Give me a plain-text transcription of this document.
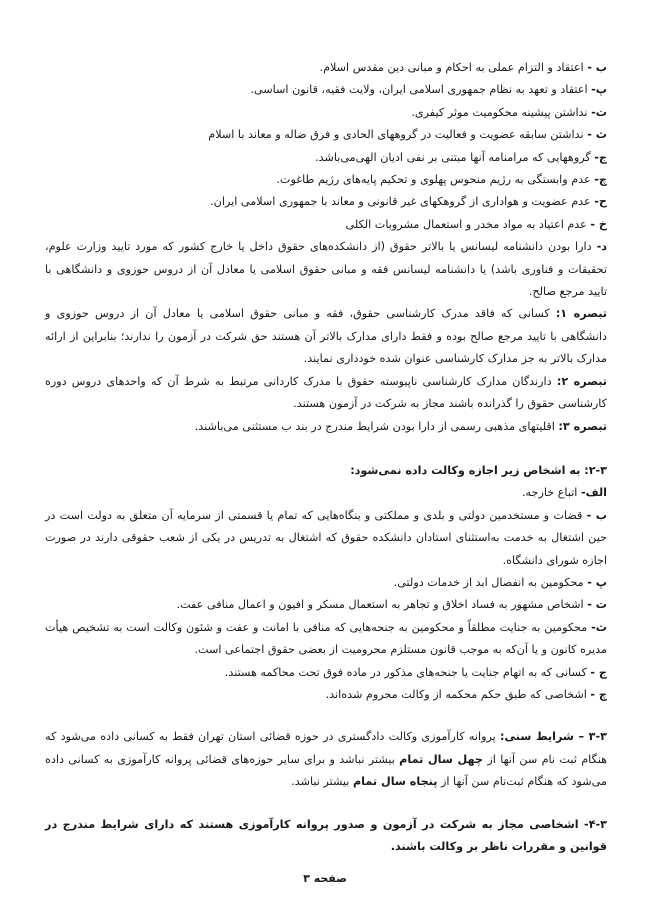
ب - اعتقاد و التزام عملی به احکام و مبانی دین مقدس اسلام.

پ- اعتقاد و تعهد به نظام جمهوری اسلامی ایران، ولایت فقیه، قانون اساسی.

ت- نداشتن پیشینه محکومیت موثر کیفری.

ث - نداشتن سابقه عضویت و فعالیت در گروههای الحادی و فرق ضاله و معاند با اسلام

ج- گروههایی که مرامنامه آنها مبتنی بر نفی ادیان الهی‌می‌باشد.

چ- عدم وابستگی به رژیم منحوس پهلوی و تحکیم پایه‌های رژیم طاغوت.

ح- عدم عضویت و هواداری از گروهکهای غیر قانونی و معاند با جمهوری اسلامی ایران.

خ - عدم اعتیاد به مواد مخدر و استعمال مشروبات الکلی

د- دارا بودن دانشنامه لیسانس یا بالاتر حقوق (از دانشکده‌های حقوق داخل یا خارج کشور که مورد تایید وزارت علوم، تحقیقات و فناوری باشد) یا دانشنامه لیسانس فقه و مبانی حقوق اسلامی یا معادل آن از دروس حوزوی و دانشگاهی با تایید مرجع صالح.

تبصره ۱: کسانی که فاقد مدرک کارشناسی حقوق، فقه و مبانی حقوق اسلامی یا معادل آن از دروس حوزوی و دانشگاهی با تایید مرجع صالح بوده و فقط دارای مدارک بالاتر آن هستند حق شرکت در آزمون را ندارند؛ بنابراین از ارائه مدارک بالاتر به جز مدارک کارشناسی عنوان شده خودداری نمایند.

تبصره ۲: دارندگان مدارک کارشناسی ناپیوسته حقوق با مدرک کاردانی مرتبط به شرط آن که واحدهای دروس دوره کارشناسی حقوق را گذرانده باشند مجاز به شرکت در آزمون هستند.

تبصره ۳: اقلیتهای مذهبی رسمی از دارا بودن شرایط مندرج در بند ب مستثنی می‌باشند.

۲-۳: به اشخاص زیر اجازه وکالت داده نمی‌شود:

الف- اتباع خارجه.

ب - قضات و مستخدمین دولتی و بلدی و مملکتی و بنگاه‌هایی که تمام یا قسمتی از سرمایه آن متعلق به دولت است در حین اشتغال به خدمت به‌استثنای استادان دانشکده حقوق که اشتغال به تدریس در یکی از شعب حقوقی دارند در صورت اجازه شورای دانشگاه.

پ - محکومین به انفصال ابد از خدمات دولتی.

ت - اشخاص مشهور به فساد اخلاق و تجاهر به استعمال مسکر و افیون و اعمال منافی عفت.

ث- محکومین به جنایت مطلقاً و محکومین به جنحه‌هایی که منافی با امانت و عفت و شئون وکالت است به تشخیص هیأت مدیره کانون و یا آن‌که به موجب قانون مستلزم محرومیت از بعضی حقوق اجتماعی است.

ج - کسانی که به اتهام جنایت یا جنحه‌های مذکور در ماده فوق تحت محاکمه هستند.

چ - اشخاصی که طبق حکم محکمه از وکالت محروم شده‌اند.

۳-۳ – شرایط سنی: پروانه کارآموزی وکالت دادگستری در حوزه قضائی استان تهران فقط به کسانی داده می‌شود که هنگام ثبت نام سن آنها از چهل سال تمام بیشتر نباشد و برای سایر حوزه‌های قضائی پروانه کارآموزی به کسانی داده می‌شود که هنگام ثبت‌نام سن آنها از پنجاه سال تمام بیشتر نباشد.

۴-۳- اشخاصی مجاز به شرکت در آزمون و صدور پروانه کارآموزی هستند که دارای شرایط مندرج در قوانین و مقررات ناظر بر وکالت باشند.

صفحه ۳
